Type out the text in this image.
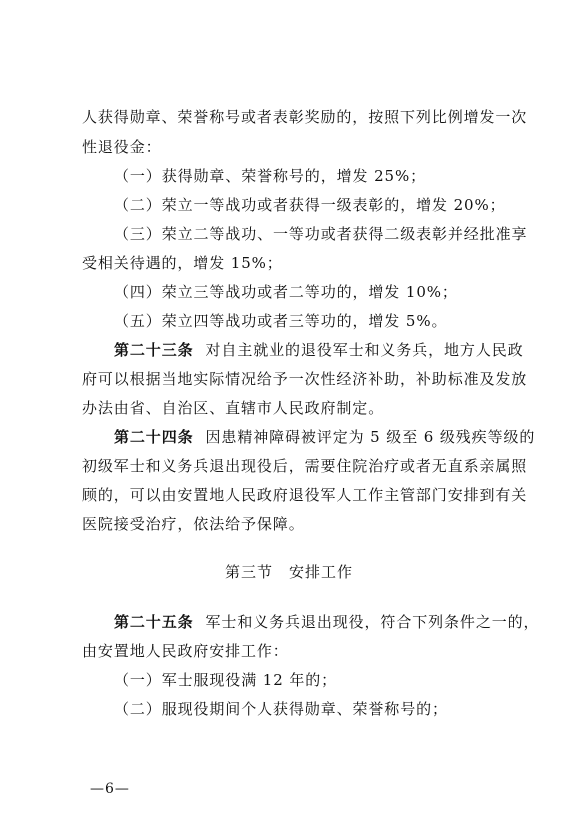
人获得勋章、荣誉称号或者表彰奖励的，按照下列比例增发一次
性退役金：
（一）获得勋章、荣誉称号的，增发 25%；
（二）荣立一等战功或者获得一级表彰的，增发 20%；
（三）荣立二等战功、一等功或者获得二级表彰并经批准享
受相关待遇的，增发 15%；
（四）荣立三等战功或者二等功的，增发 10%；
（五）荣立四等战功或者三等功的，增发 5%。
第二十三条 对自主就业的退役军士和义务兵，地方人民政
府可以根据当地实际情况给予一次性经济补助，补助标准及发放
办法由省、自治区、直辖市人民政府制定。
第二十四条 因患精神障碍被评定为 5 级至 6 级残疾等级的
初级军士和义务兵退出现役后，需要住院治疗或者无直系亲属照
顾的，可以由安置地人民政府退役军人工作主管部门安排到有关
医院接受治疗，依法给予保障。
第三节　安排工作
第二十五条 军士和义务兵退出现役，符合下列条件之一的，
由安置地人民政府安排工作：
（一）军士服现役满 12 年的；
（二）服现役期间个人获得勋章、荣誉称号的；
—6—
